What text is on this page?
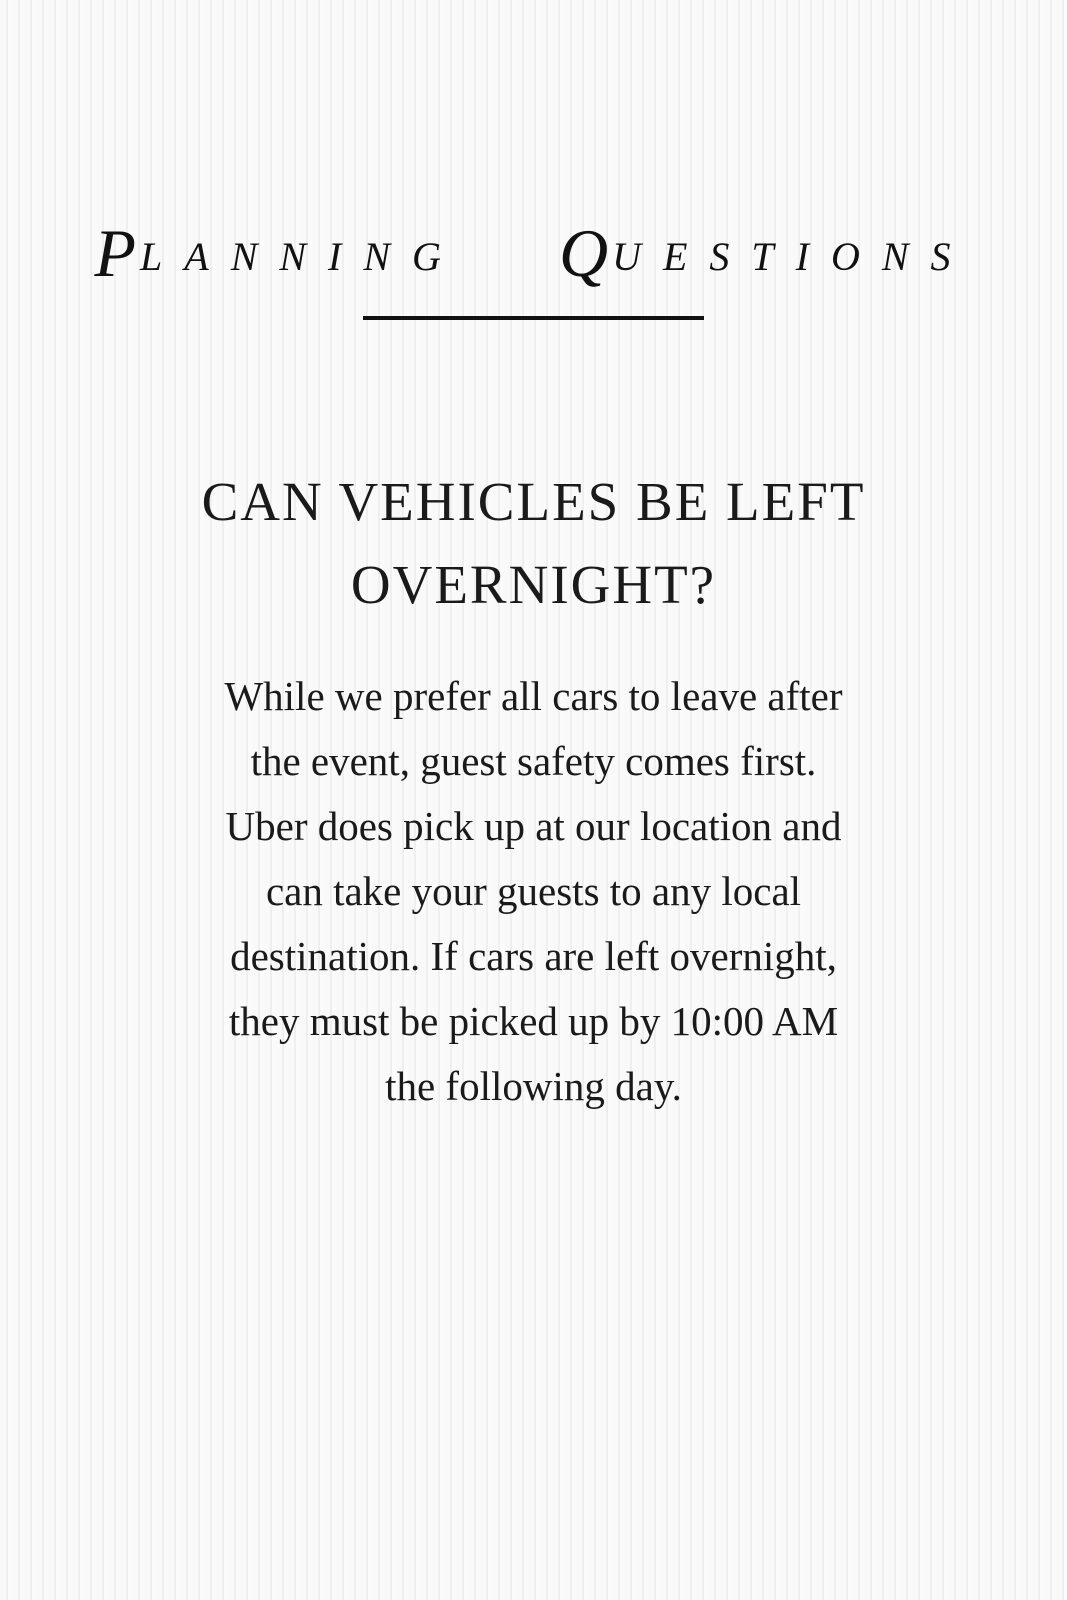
PLANNING QUESTIONS
CAN VEHICLES BE LEFT OVERNIGHT?
While we prefer all cars to leave after the event, guest safety comes first. Uber does pick up at our location and can take your guests to any local destination. If cars are left overnight, they must be picked up by 10:00 AM the following day.
